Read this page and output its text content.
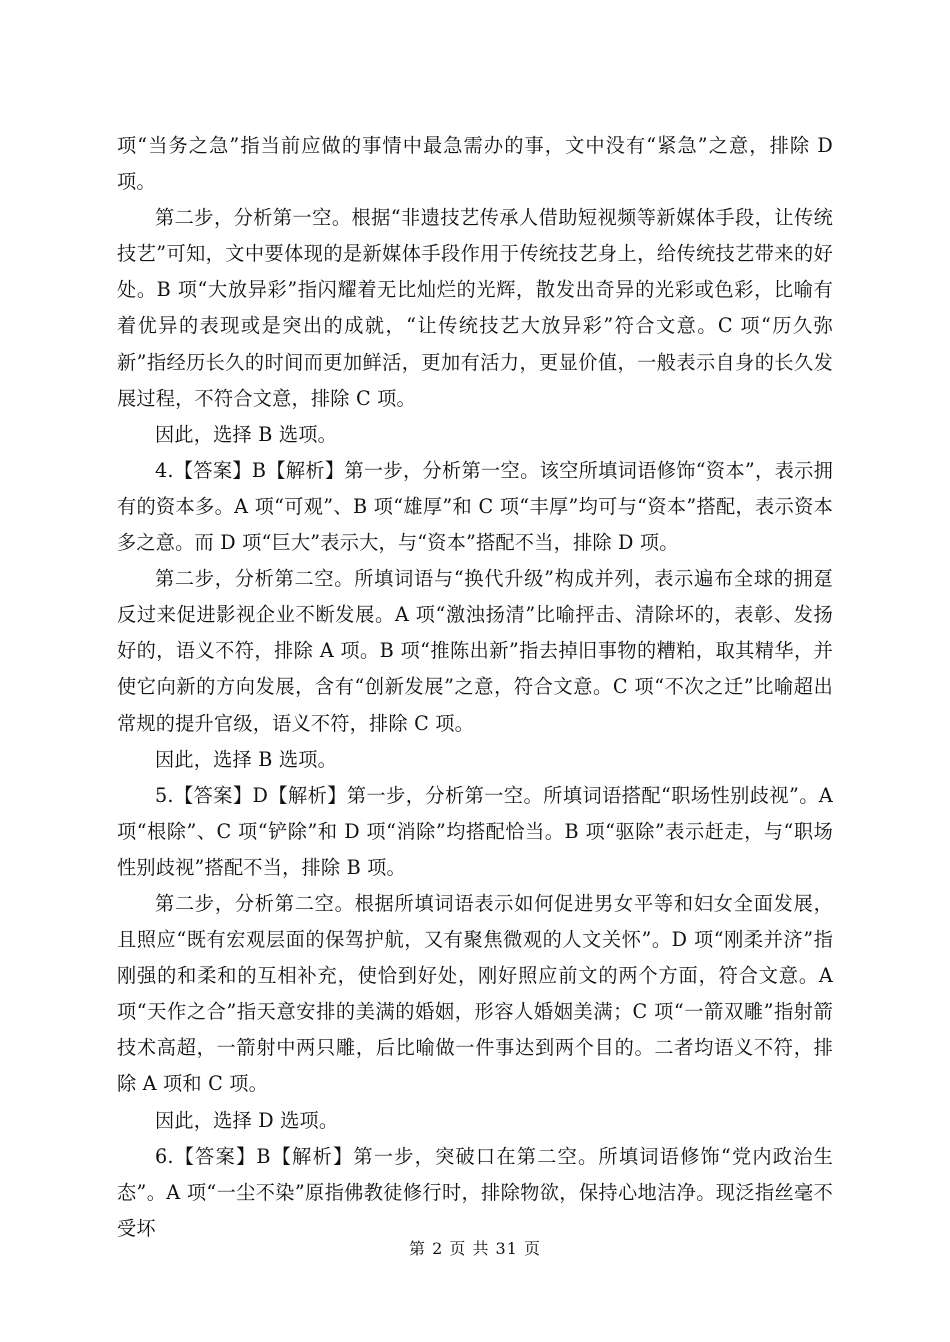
项“当务之急”指当前应做的事情中最急需办的事，文中没有“紧急”之意，排除 D 项。

第二步，分析第一空。根据“非遗技艺传承人借助短视频等新媒体手段，让传统技艺”可知，文中要体现的是新媒体手段作用于传统技艺身上，给传统技艺带来的好处。B 项“大放异彩”指闪耀着无比灿烂的光辉，散发出奇异的光彩或色彩，比喻有着优异的表现或是突出的成就，“让传统技艺大放异彩”符合文意。C 项“历久弥新”指经历长久的时间而更加鲜活，更加有活力，更显价值，一般表示自身的长久发展过程，不符合文意，排除 C 项。

因此，选择 B 选项。

4.【答案】B【解析】第一步，分析第一空。该空所填词语修饰“资本”，表示拥有的资本多。A 项“可观”、B 项“雄厚”和 C 项“丰厚”均可与“资本”搭配，表示资本多之意。而 D 项“巨大”表示大，与“资本”搭配不当，排除 D 项。

第二步，分析第二空。所填词语与“换代升级”构成并列，表示遍布全球的拥趸反过来促进影视企业不断发展。A 项“激浊扬清”比喻抨击、清除坏的，表彰、发扬好的，语义不符，排除 A 项。B 项“推陈出新”指去掉旧事物的糟粕，取其精华，并使它向新的方向发展，含有“创新发展”之意，符合文意。C 项“不次之迁”比喻超出常规的提升官级，语义不符，排除 C 项。

因此，选择 B 选项。

5.【答案】D【解析】第一步，分析第一空。所填词语搭配“职场性别歧视”。A 项“根除”、C 项“铲除”和 D 项“消除”均搭配恰当。B 项“驱除”表示赶走，与“职场性别歧视”搭配不当，排除 B 项。

第二步，分析第二空。根据所填词语表示如何促进男女平等和妇女全面发展，且照应“既有宏观层面的保驾护航，又有聚焦微观的人文关怀”。D 项“刚柔并济”指刚强的和柔和的互相补充，使恰到好处，刚好照应前文的两个方面，符合文意。A 项“天作之合”指天意安排的美满的婚姻，形容人婚姻美满；C 项“一箭双雕”指射箭技术高超，一箭射中两只雕，后比喻做一件事达到两个目的。二者均语义不符，排除 A 项和 C 项。

因此，选择 D 选项。

6.【答案】B【解析】第一步，突破口在第二空。所填词语修饰“党内政治生态”。A 项“一尘不染”原指佛教徒修行时，排除物欲，保持心地洁净。现泛指丝毫不受坏

第 2 页 共 31 页
